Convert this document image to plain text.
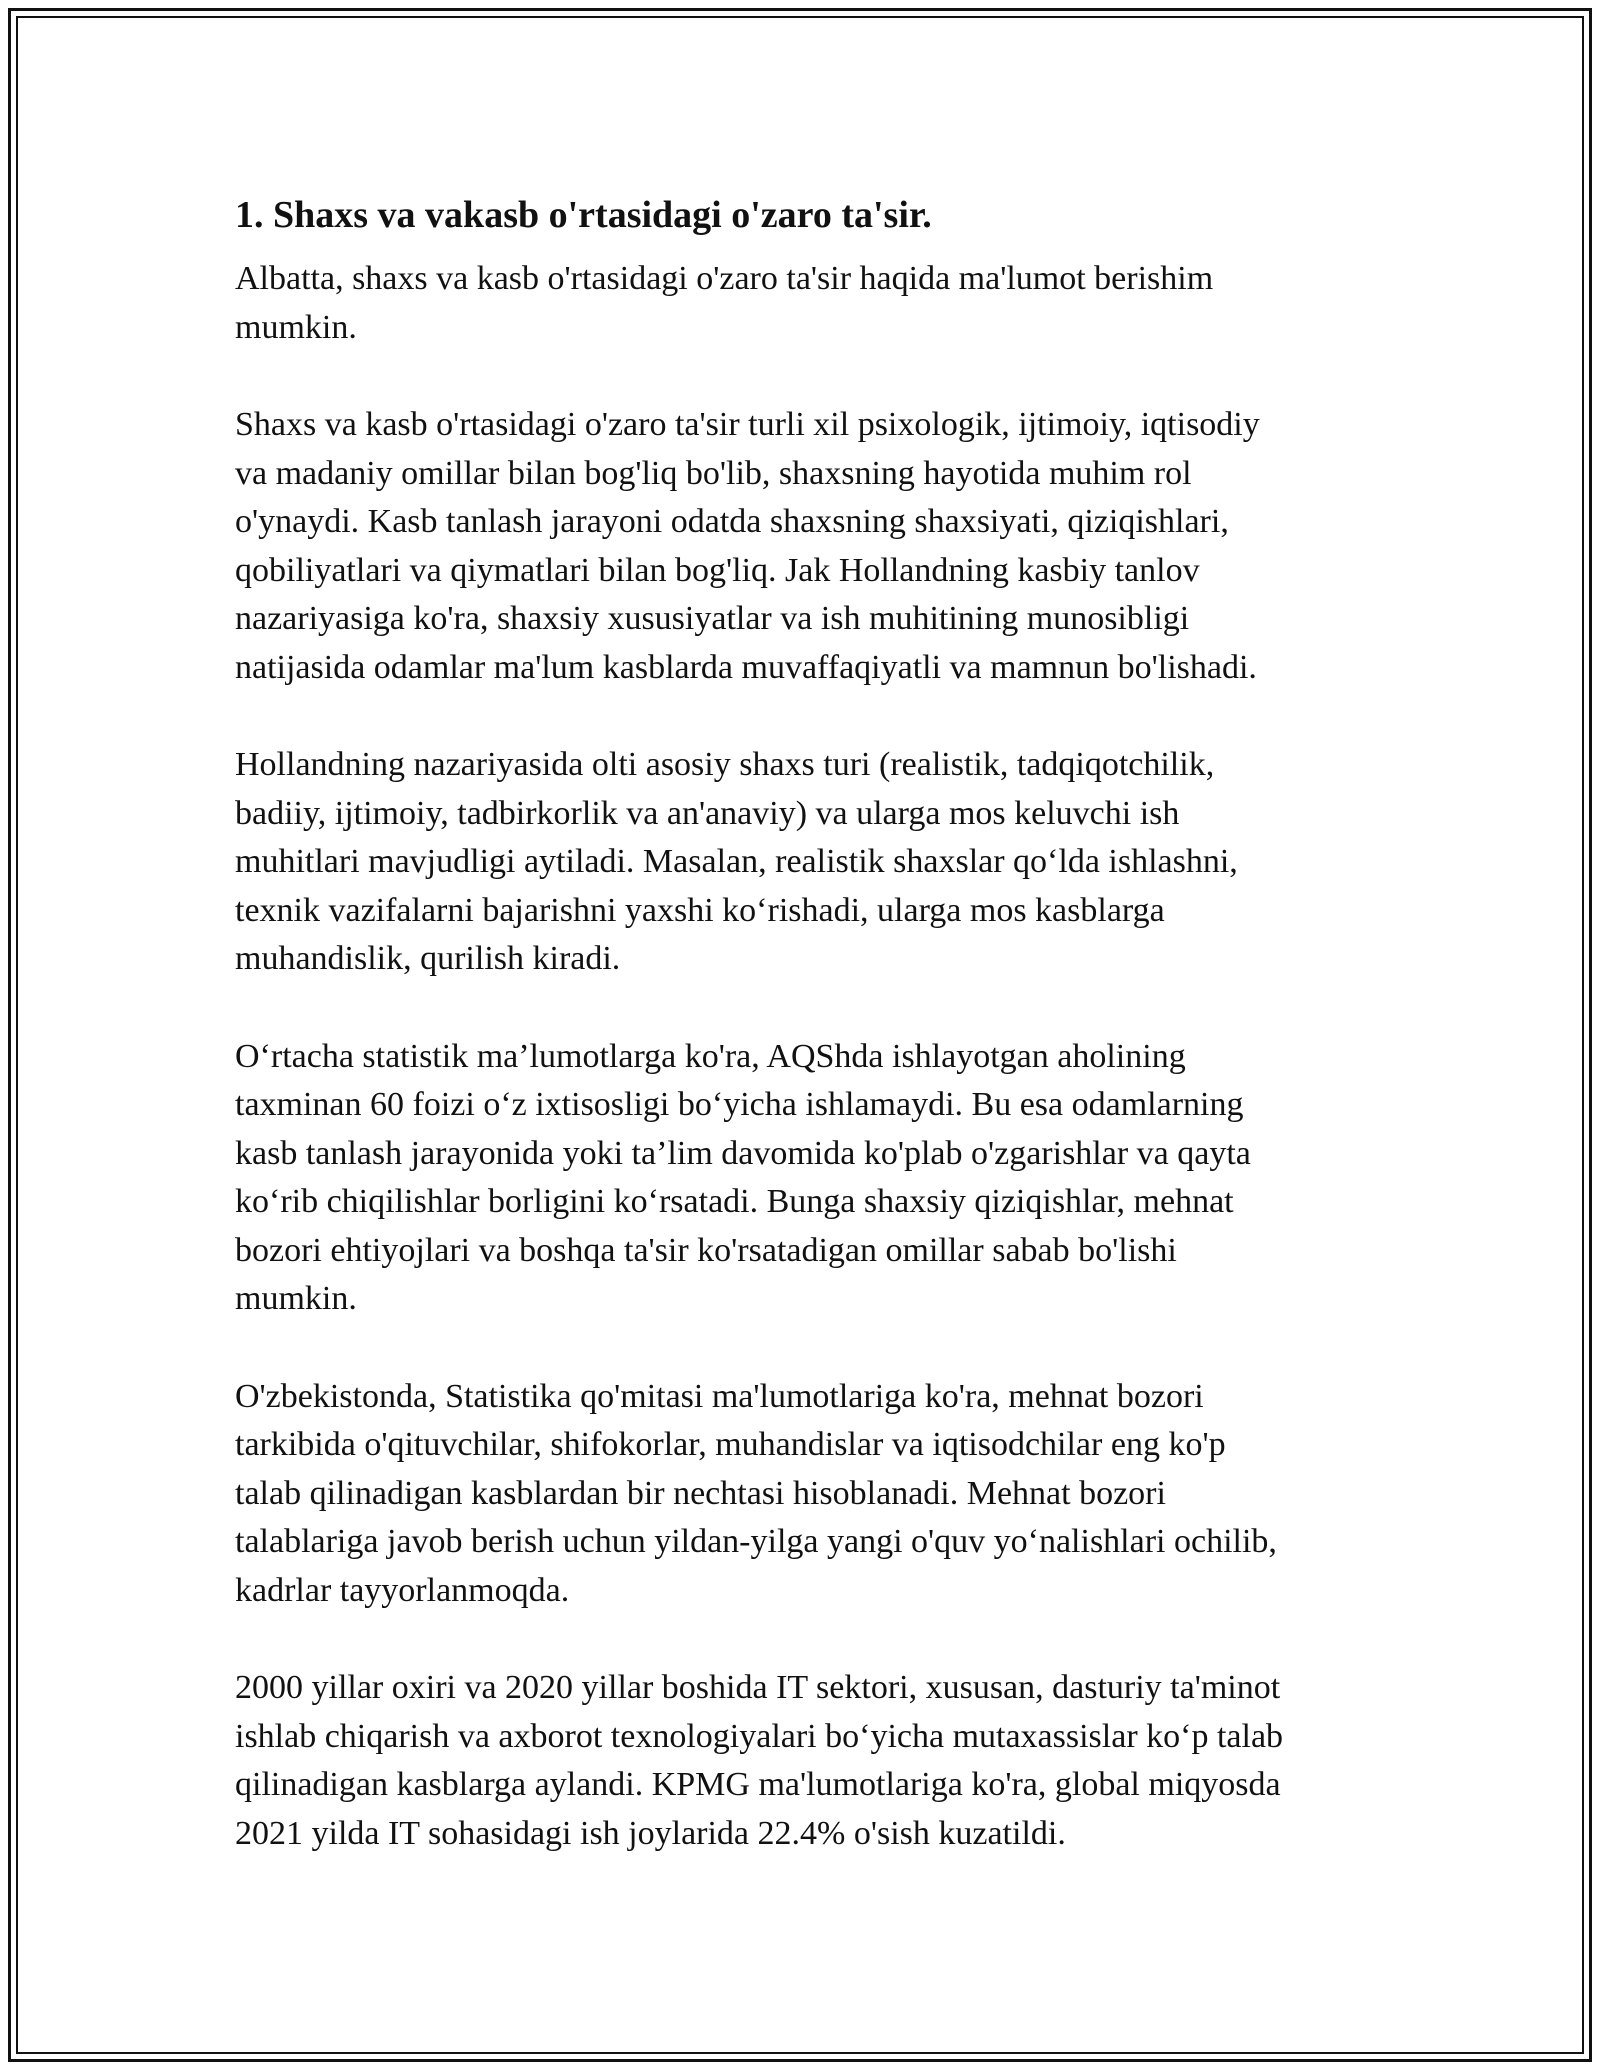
1. Shaxs va vakasb o'rtasidagi o'zaro ta'sir.

Albatta, shaxs va kasb o'rtasidagi o'zaro ta'sir haqida ma'lumot berishim
mumkin.

Shaxs va kasb o'rtasidagi o'zaro ta'sir turli xil psixologik, ijtimoiy, iqtisodiy
va madaniy omillar bilan bog'liq bo'lib, shaxsning hayotida muhim rol
o'ynaydi. Kasb tanlash jarayoni odatda shaxsning shaxsiyati, qiziqishlari,
qobiliyatlari va qiymatlari bilan bog'liq. Jak Hollandning kasbiy tanlov
nazariyasiga ko'ra, shaxsiy xususiyatlar va ish muhitining munosibligi
natijasida odamlar ma'lum kasblarda muvaffaqiyatli va mamnun bo'lishadi.

Hollandning nazariyasida olti asosiy shaxs turi (realistik, tadqiqotchilik,
badiiy, ijtimoiy, tadbirkorlik va an'anaviy) va ularga mos keluvchi ish
muhitlari mavjudligi aytiladi. Masalan, realistik shaxslar qo‘lda ishlashni,
texnik vazifalarni bajarishni yaxshi ko‘rishadi, ularga mos kasblarga
muhandislik, qurilish kiradi.

O‘rtacha statistik ma’lumotlarga ko'ra, AQShda ishlayotgan aholining
taxminan 60 foizi o‘z ixtisosligi bo‘yicha ishlamaydi. Bu esa odamlarning
kasb tanlash jarayonida yoki ta’lim davomida ko'plab o'zgarishlar va qayta
ko‘rib chiqilishlar borligini ko‘rsatadi. Bunga shaxsiy qiziqishlar, mehnat
bozori ehtiyojlari va boshqa ta'sir ko'rsatadigan omillar sabab bo'lishi
mumkin.

O'zbekistonda, Statistika qo'mitasi ma'lumotlariga ko'ra, mehnat bozori
tarkibida o'qituvchilar, shifokorlar, muhandislar va iqtisodchilar eng ko'p
talab qilinadigan kasblardan bir nechtasi hisoblanadi. Mehnat bozori
talablariga javob berish uchun yildan-yilga yangi o'quv yo‘nalishlari ochilib,
kadrlar tayyorlanmoqda.

2000 yillar oxiri va 2020 yillar boshida IT sektori, xususan, dasturiy ta'minot
ishlab chiqarish va axborot texnologiyalari bo‘yicha mutaxassislar ko‘p talab
qilinadigan kasblarga aylandi. KPMG ma'lumotlariga ko'ra, global miqyosda
2021 yilda IT sohasidagi ish joylarida 22.4% o'sish kuzatildi.
